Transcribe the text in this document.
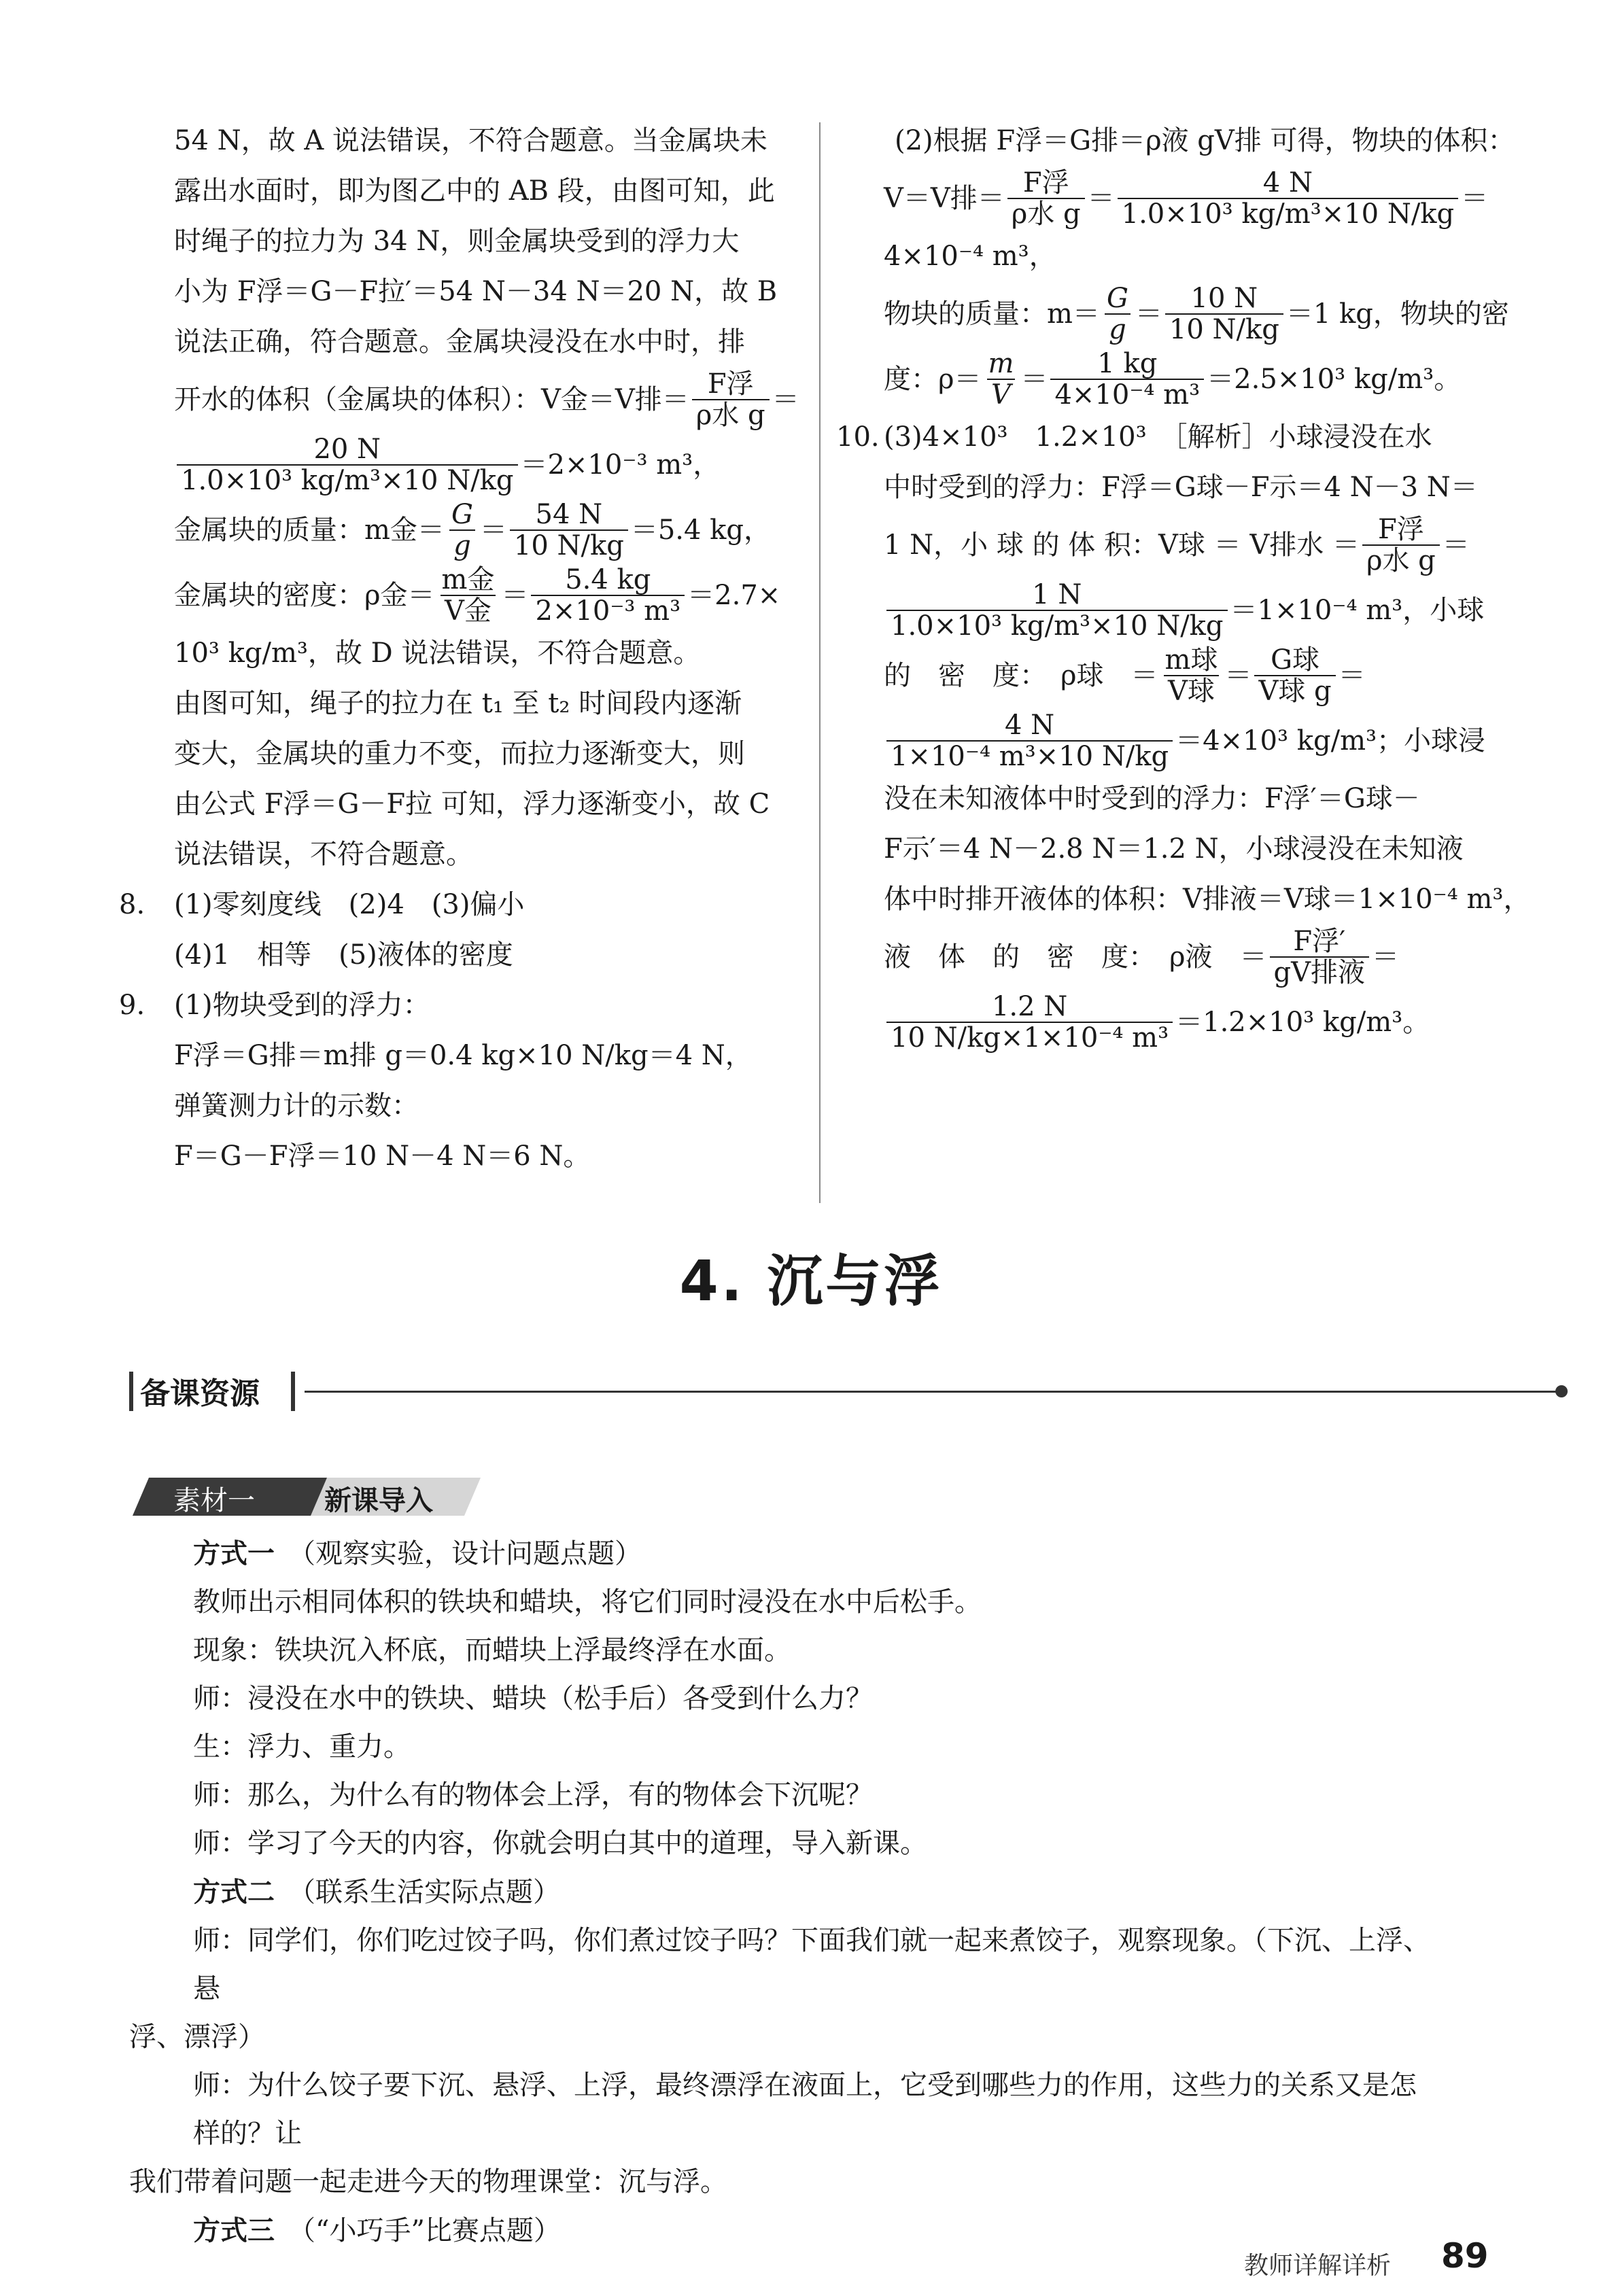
54 N，故 A 说法错误，不符合题意。当金属块未
露出水面时，即为图乙中的 AB 段，由图可知，此
时绳子的拉力为 34 N，则金属块受到的浮力大
小为 F浮＝G－F拉′＝54 N－34 N＝20 N，故 B
说法正确，符合题意。金属块浸没在水中时，排
开水的体积（金属块的体积）：V金＝V排＝ $\frac{\text{F浮}}{\text{ρ水 g}}$ ＝
$\frac{20 N}{\text{1.0×10³ kg/m³×10 N/kg}} =2\times 10^{-3}$ m³，
金属块的质量：m金＝ $\frac{G}{g} = \frac{54 N}{10 N/kg} =5.4$ kg，
金属块的密度：ρ金＝ $\frac{\text{m金}}{\text{V金}} = \frac{5.4 kg}{\text{2×10⁻³ m³}} =2.7\times$
10³ kg/m³，故 D 说法错误，不符合题意。
由图可知，绳子的拉力在 t₁ 至 t₂ 时间段内逐渐
变大，金属块的重力不变，而拉力逐渐变大，则
由公式 F浮＝G－F拉 可知，浮力逐渐变小，故 C
说法错误，不符合题意。
8. (1)零刻度线　(2)4　(3)偏小
(4)1　相等　(5)液体的密度
9. (1)物块受到的浮力：
F浮＝G排＝m排 g＝0.4 kg×10 N/kg＝4 N，
弹簧测力计的示数：
F＝G－F浮＝10 N－4 N＝6 N。
(2)根据 F浮＝G排＝ρ液 gV排 可得，物块的体积：
V＝V排＝ $\frac{\text{F浮}}{\text{ρ水 g}} = \frac{4 N}{\text{1.0×10³ kg/m³×10 N/kg}}$ ＝
4×10⁻⁴ m³，
物块的质量：$m= \frac{G}{g} = \frac{10 N}{10 N/kg} =1$ kg，物块的密
度：$\rho= \frac{m}{V} = \frac{1 kg}{\text{4×10⁻⁴ m³}} =2.5\times 10^3$ kg/m³。
10. (3)4×10³　1.2×10³　［解析］小球浸没在水
中时受到的浮力：F浮＝G球－F示＝4 N－3 N＝
1 N，小 球 的 体 积：V球 ＝ V排水 ＝ $\frac{\text{F浮}}{\text{ρ水 g}}$ ＝
$\frac{1 N}{\text{1.0×10³ kg/m³×10 N/kg}} =1\times 10^{-4}$ m³，小球
的　密　度：　ρ球　＝ $\frac{\text{m球}}{\text{V球}} = \frac{\text{G球}}{\text{V球 g}}$ ＝
$\frac{4 N}{\text{1×10⁻⁴ m³×10 N/kg}} =4\times 10^3$ kg/m³；小球浸
没在未知液体中时受到的浮力：F浮′＝G球－
F示′＝4 N－2.8 N＝1.2 N，小球浸没在未知液
体中时排开液体的体积：V排液＝V球＝1×10⁻⁴ m³，
液　体　的　密　度：　ρ液　＝ $\frac{\text{F浮′}}{\text{gV排液}}$ ＝
$\frac{1.2 N}{\text{10 N/kg×1×10⁻⁴ m³}} =1.2\times 10^3$ kg/m³。
4. 沉与浮
备课资源
素材一	新课导入

方式一　 （观察实验，设计问题点题）

教师出示相同体积的铁块和蜡块，将它们同时浸没在水中后松手。

现象：铁块沉入杯底，而蜡块上浮最终浮在水面。

师：浸没在水中的铁块、蜡块（松手后）各受到什么力？

生：浮力、重力。

师：那么，为什么有的物体会上浮，有的物体会下沉呢？

师：学习了今天的内容，你就会明白其中的道理，导入新课。

方式二　 （联系生活实际点题）

师：同学们，你们吃过饺子吗，你们煮过饺子吗？下面我们就一起来煮饺子，观察现象。（下沉、上浮、悬

浮、漂浮）

师：为什么饺子要下沉、悬浮、上浮，最终漂浮在液面上，它受到哪些力的作用，这些力的关系又是怎样的？让

我们带着问题一起走进今天的物理课堂：沉与浮。

方式三　 （“小巧手”比赛点题）

教师详解详析 89
